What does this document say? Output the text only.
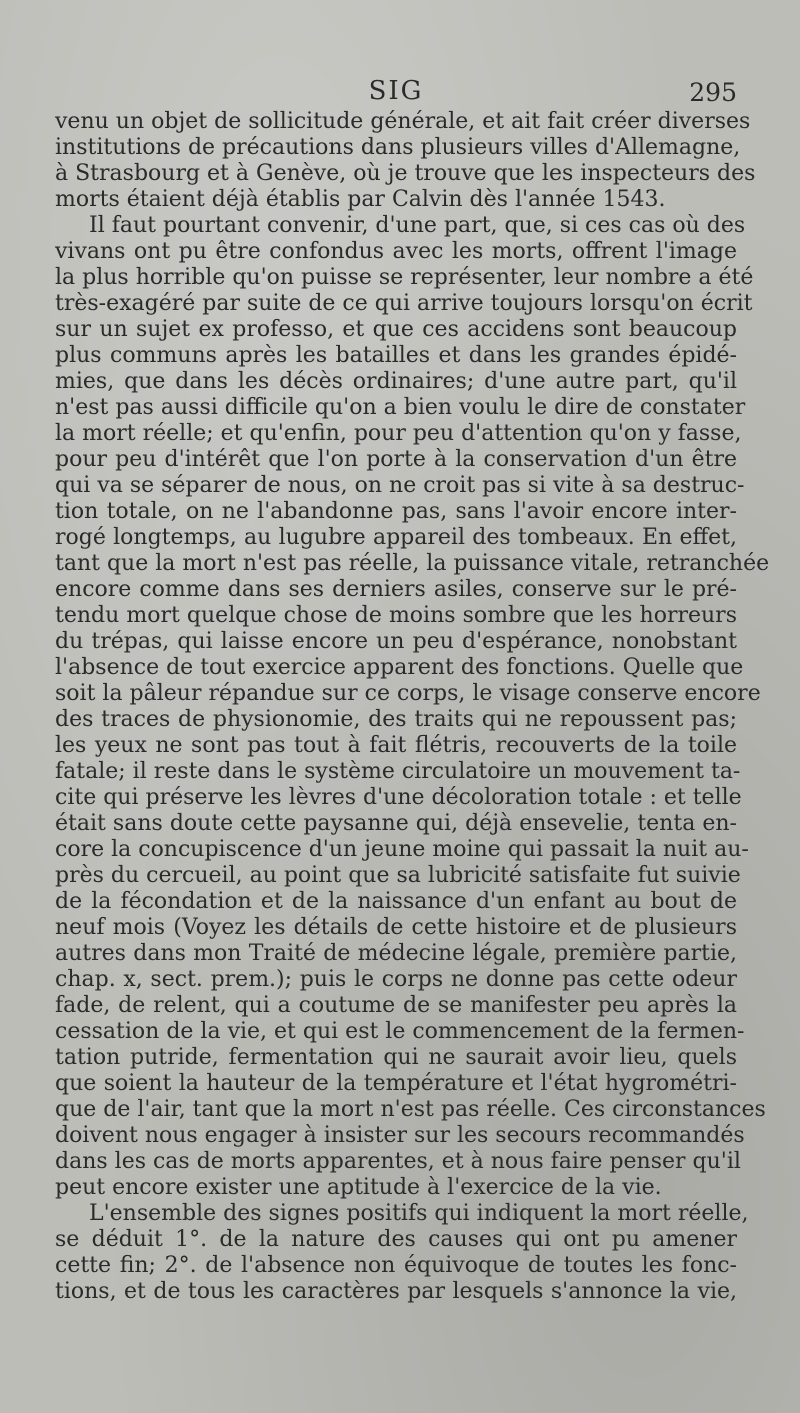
SIG	295
venu un objet de sollicitude générale, et ait fait créer diverses
institutions de précautions dans plusieurs villes d'Allemagne,
à Strasbourg et à Genève, où je trouve que les inspecteurs des
morts étaient déjà établis par Calvin dès l'année 1543.
Il faut pourtant convenir, d'une part, que, si ces cas où des
vivans ont pu être confondus avec les morts, offrent l'image
la plus horrible qu'on puisse se représenter, leur nombre a été
très-exagéré par suite de ce qui arrive toujours lorsqu'on écrit
sur un sujet ex professo, et que ces accidens sont beaucoup
plus communs après les batailles et dans les grandes épidé-
mies, que dans les décès ordinaires; d'une autre part, qu'il
n'est pas aussi difficile qu'on a bien voulu le dire de constater
la mort réelle; et qu'enfin, pour peu d'attention qu'on y fasse,
pour peu d'intérêt que l'on porte à la conservation d'un être
qui va se séparer de nous, on ne croit pas si vite à sa destruc-
tion totale, on ne l'abandonne pas, sans l'avoir encore inter-
rogé longtemps, au lugubre appareil des tombeaux. En effet,
tant que la mort n'est pas réelle, la puissance vitale, retranchée
encore comme dans ses derniers asiles, conserve sur le pré-
tendu mort quelque chose de moins sombre que les horreurs
du trépas, qui laisse encore un peu d'espérance, nonobstant
l'absence de tout exercice apparent des fonctions. Quelle que
soit la pâleur répandue sur ce corps, le visage conserve encore
des traces de physionomie, des traits qui ne repoussent pas;
les yeux ne sont pas tout à fait flétris, recouverts de la toile
fatale; il reste dans le système circulatoire un mouvement ta-
cite qui préserve les lèvres d'une décoloration totale : et telle
était sans doute cette paysanne qui, déjà ensevelie, tenta en-
core la concupiscence d'un jeune moine qui passait la nuit au-
près du cercueil, au point que sa lubricité satisfaite fut suivie
de la fécondation et de la naissance d'un enfant au bout de
neuf mois (Voyez les détails de cette histoire et de plusieurs
autres dans mon Traité de médecine légale, première partie,
chap. x, sect. prem.); puis le corps ne donne pas cette odeur
fade, de relent, qui a coutume de se manifester peu après la
cessation de la vie, et qui est le commencement de la fermen-
tation putride, fermentation qui ne saurait avoir lieu, quels
que soient la hauteur de la température et l'état hygrométri-
que de l'air, tant que la mort n'est pas réelle. Ces circonstances
doivent nous engager à insister sur les secours recommandés
dans les cas de morts apparentes, et à nous faire penser qu'il
peut encore exister une aptitude à l'exercice de la vie.
L'ensemble des signes positifs qui indiquent la mort réelle,
se déduit 1°. de la nature des causes qui ont pu amener
cette fin; 2°. de l'absence non équivoque de toutes les fonc-
tions, et de tous les caractères par lesquels s'annonce la vie,
